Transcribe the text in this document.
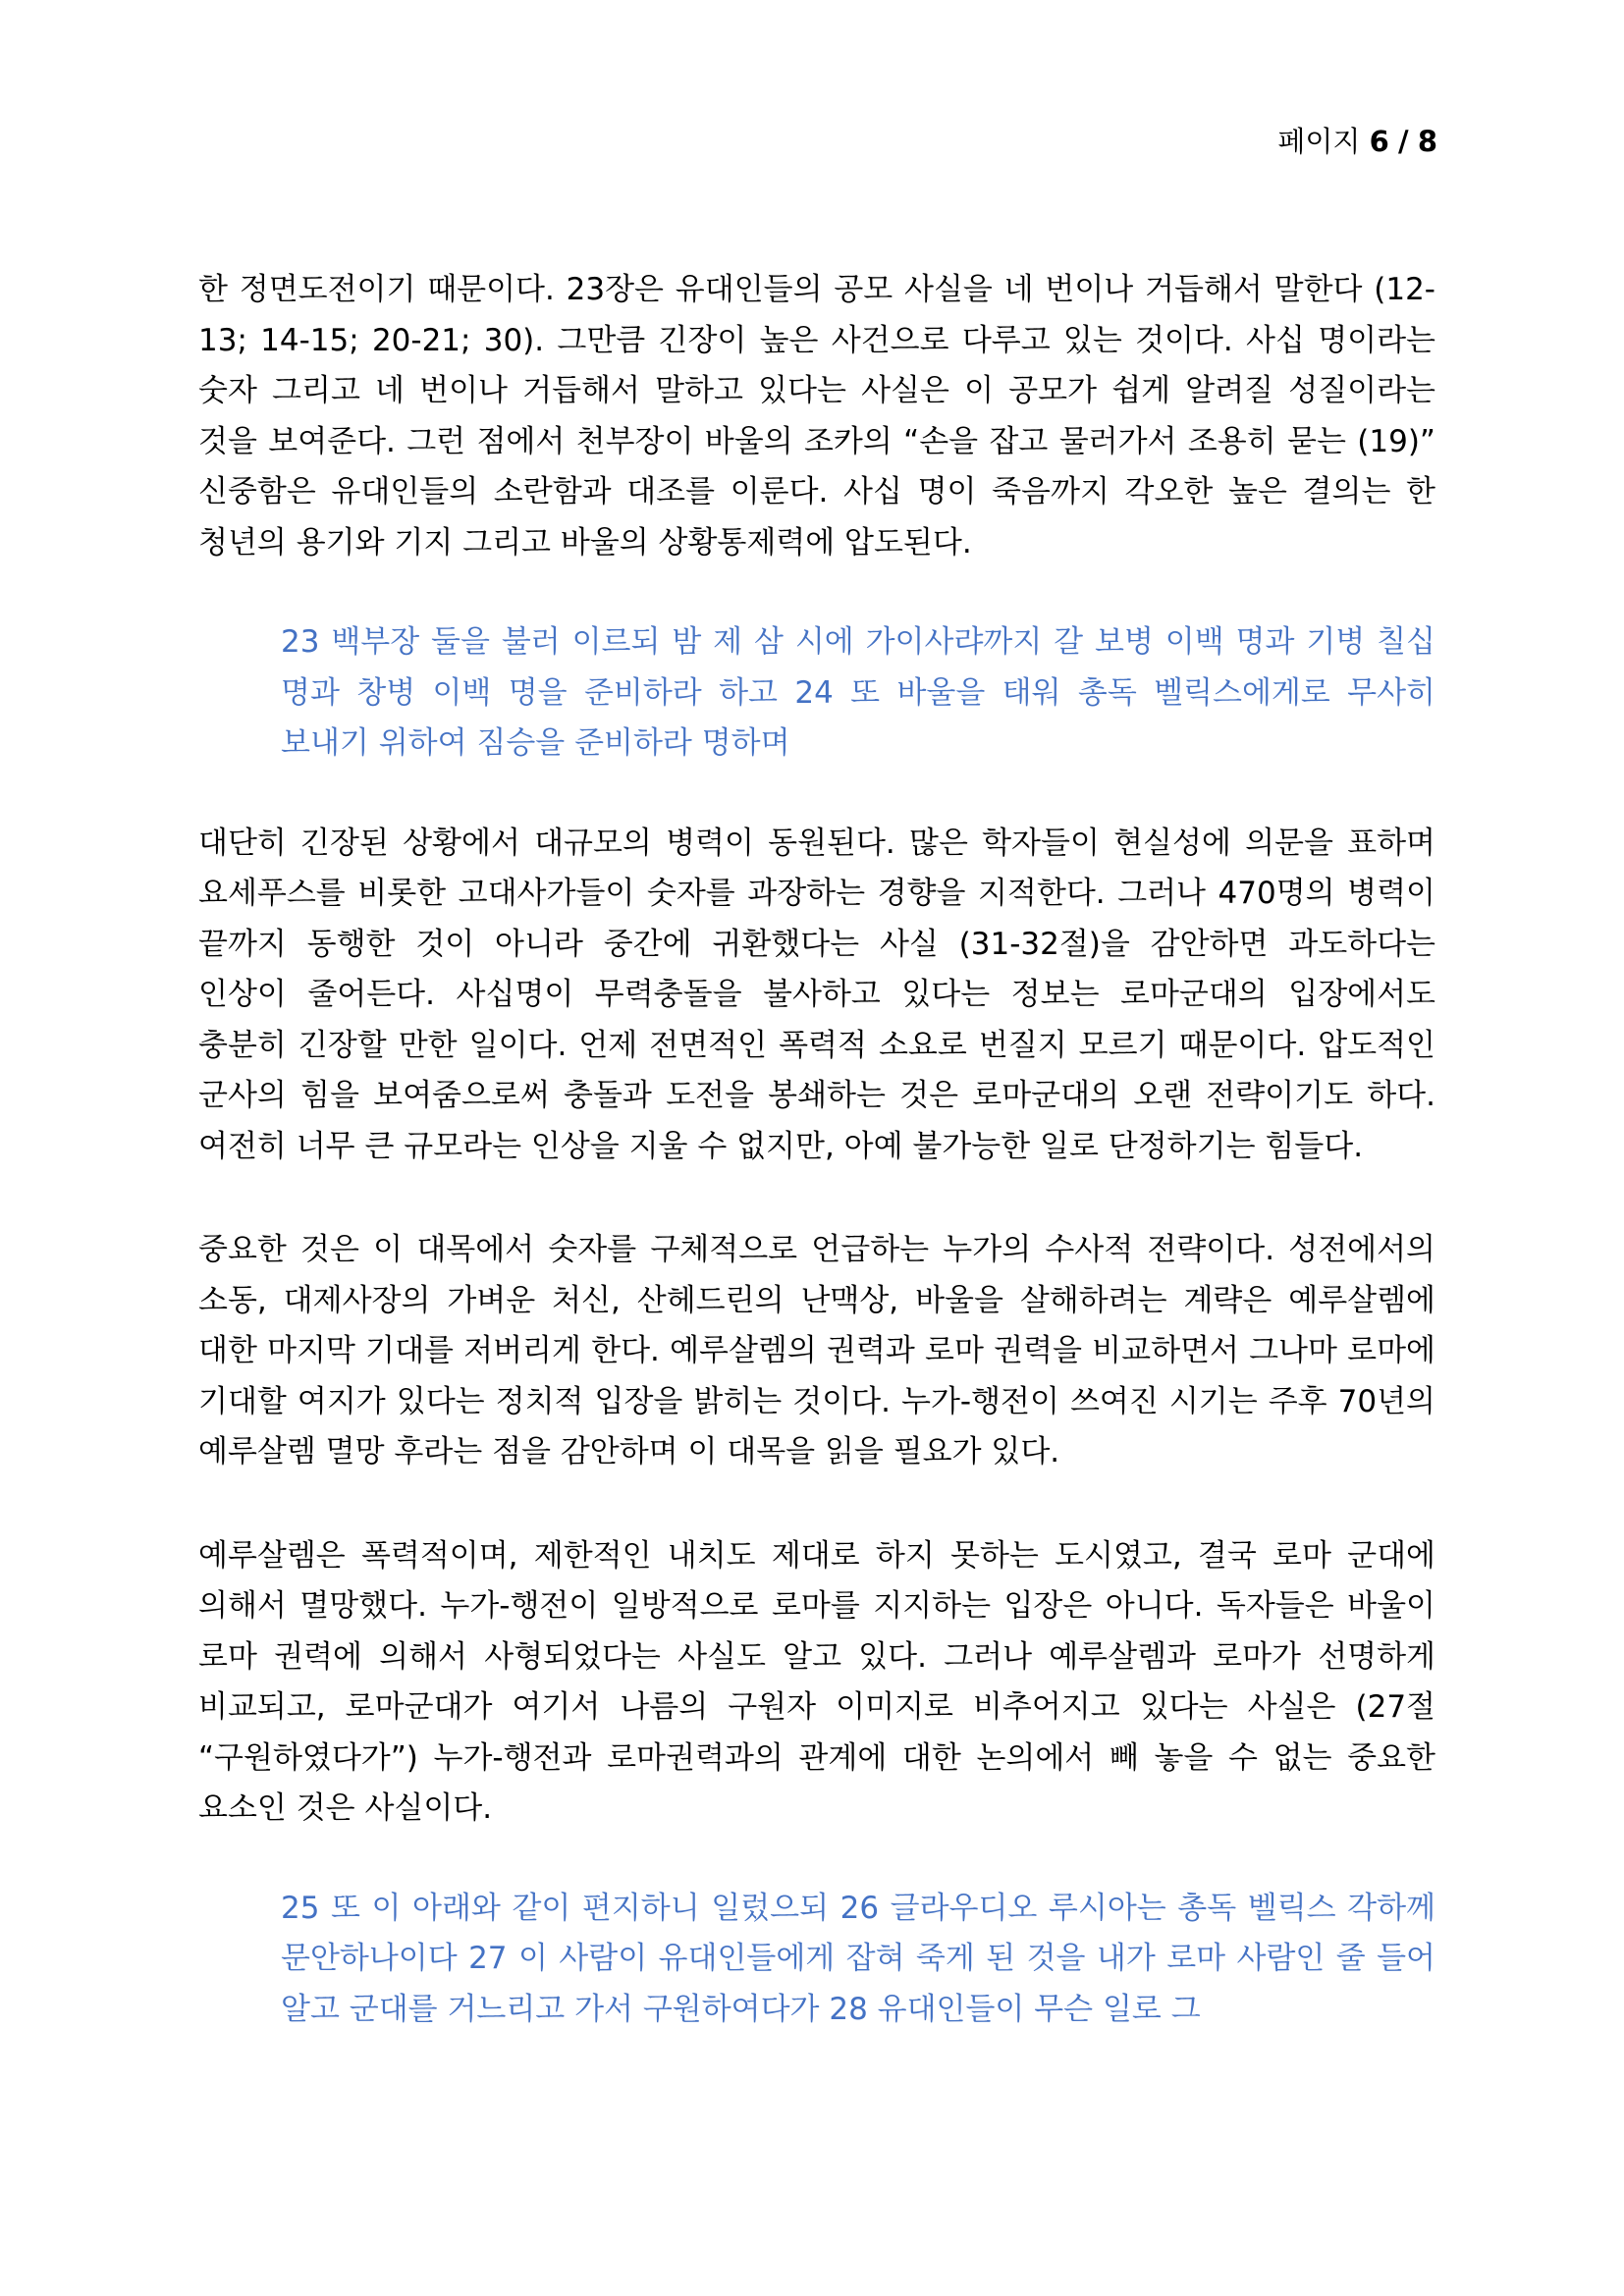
페이지 6 / 8

한 정면도전이기 때문이다. 23장은 유대인들의 공모 사실을 네 번이나 거듭해서 말한다 (12-13; 14-15; 20-21; 30). 그만큼 긴장이 높은 사건으로 다루고 있는 것이다. 사십 명이라는 숫자 그리고 네 번이나 거듭해서 말하고 있다는 사실은 이 공모가 쉽게 알려질 성질이라는 것을 보여준다. 그런 점에서 천부장이 바울의 조카의 “손을 잡고 물러가서 조용히 묻는 (19)” 신중함은 유대인들의 소란함과 대조를 이룬다. 사십 명이 죽음까지 각오한 높은 결의는 한 청년의 용기와 기지 그리고 바울의 상황통제력에 압도된다.

23 백부장 둘을 불러 이르되 밤 제 삼 시에 가이사랴까지 갈 보병 이백 명과 기병 칠십 명과 창병 이백 명을 준비하라 하고 24 또 바울을 태워 총독 벨릭스에게로 무사히 보내기 위하여 짐승을 준비하라 명하며

대단히 긴장된 상황에서 대규모의 병력이 동원된다. 많은 학자들이 현실성에 의문을 표하며 요세푸스를 비롯한 고대사가들이 숫자를 과장하는 경향을 지적한다. 그러나 470명의 병력이 끝까지 동행한 것이 아니라 중간에 귀환했다는 사실 (31-32절)을 감안하면 과도하다는 인상이 줄어든다. 사십명이 무력충돌을 불사하고 있다는 정보는 로마군대의 입장에서도 충분히 긴장할 만한 일이다. 언제 전면적인 폭력적 소요로 번질지 모르기 때문이다. 압도적인 군사의 힘을 보여줌으로써 충돌과 도전을 봉쇄하는 것은 로마군대의 오랜 전략이기도 하다. 여전히 너무 큰 규모라는 인상을 지울 수 없지만, 아예 불가능한 일로 단정하기는 힘들다.

중요한 것은 이 대목에서 숫자를 구체적으로 언급하는 누가의 수사적 전략이다. 성전에서의 소동, 대제사장의 가벼운 처신, 산헤드린의 난맥상, 바울을 살해하려는 계략은 예루살렘에 대한 마지막 기대를 저버리게 한다. 예루살렘의 권력과 로마 권력을 비교하면서 그나마 로마에 기대할 여지가 있다는 정치적 입장을 밝히는 것이다. 누가-행전이 쓰여진 시기는 주후 70년의 예루살렘 멸망 후라는 점을 감안하며 이 대목을 읽을 필요가 있다.

예루살렘은 폭력적이며, 제한적인 내치도 제대로 하지 못하는 도시였고, 결국 로마 군대에 의해서 멸망했다. 누가-행전이 일방적으로 로마를 지지하는 입장은 아니다. 독자들은 바울이 로마 권력에 의해서 사형되었다는 사실도 알고 있다. 그러나 예루살렘과 로마가 선명하게 비교되고, 로마군대가 여기서 나름의 구원자 이미지로 비추어지고 있다는 사실은 (27절 “구원하였다가”) 누가-행전과 로마권력과의 관계에 대한 논의에서 빼 놓을 수 없는 중요한 요소인 것은 사실이다.

25 또 이 아래와 같이 편지하니 일렀으되 26 글라우디오 루시아는 총독 벨릭스 각하께 문안하나이다 27 이 사람이 유대인들에게 잡혀 죽게 된 것을 내가 로마 사람인 줄 들어 알고 군대를 거느리고 가서 구원하여다가 28 유대인들이 무슨 일로 그
